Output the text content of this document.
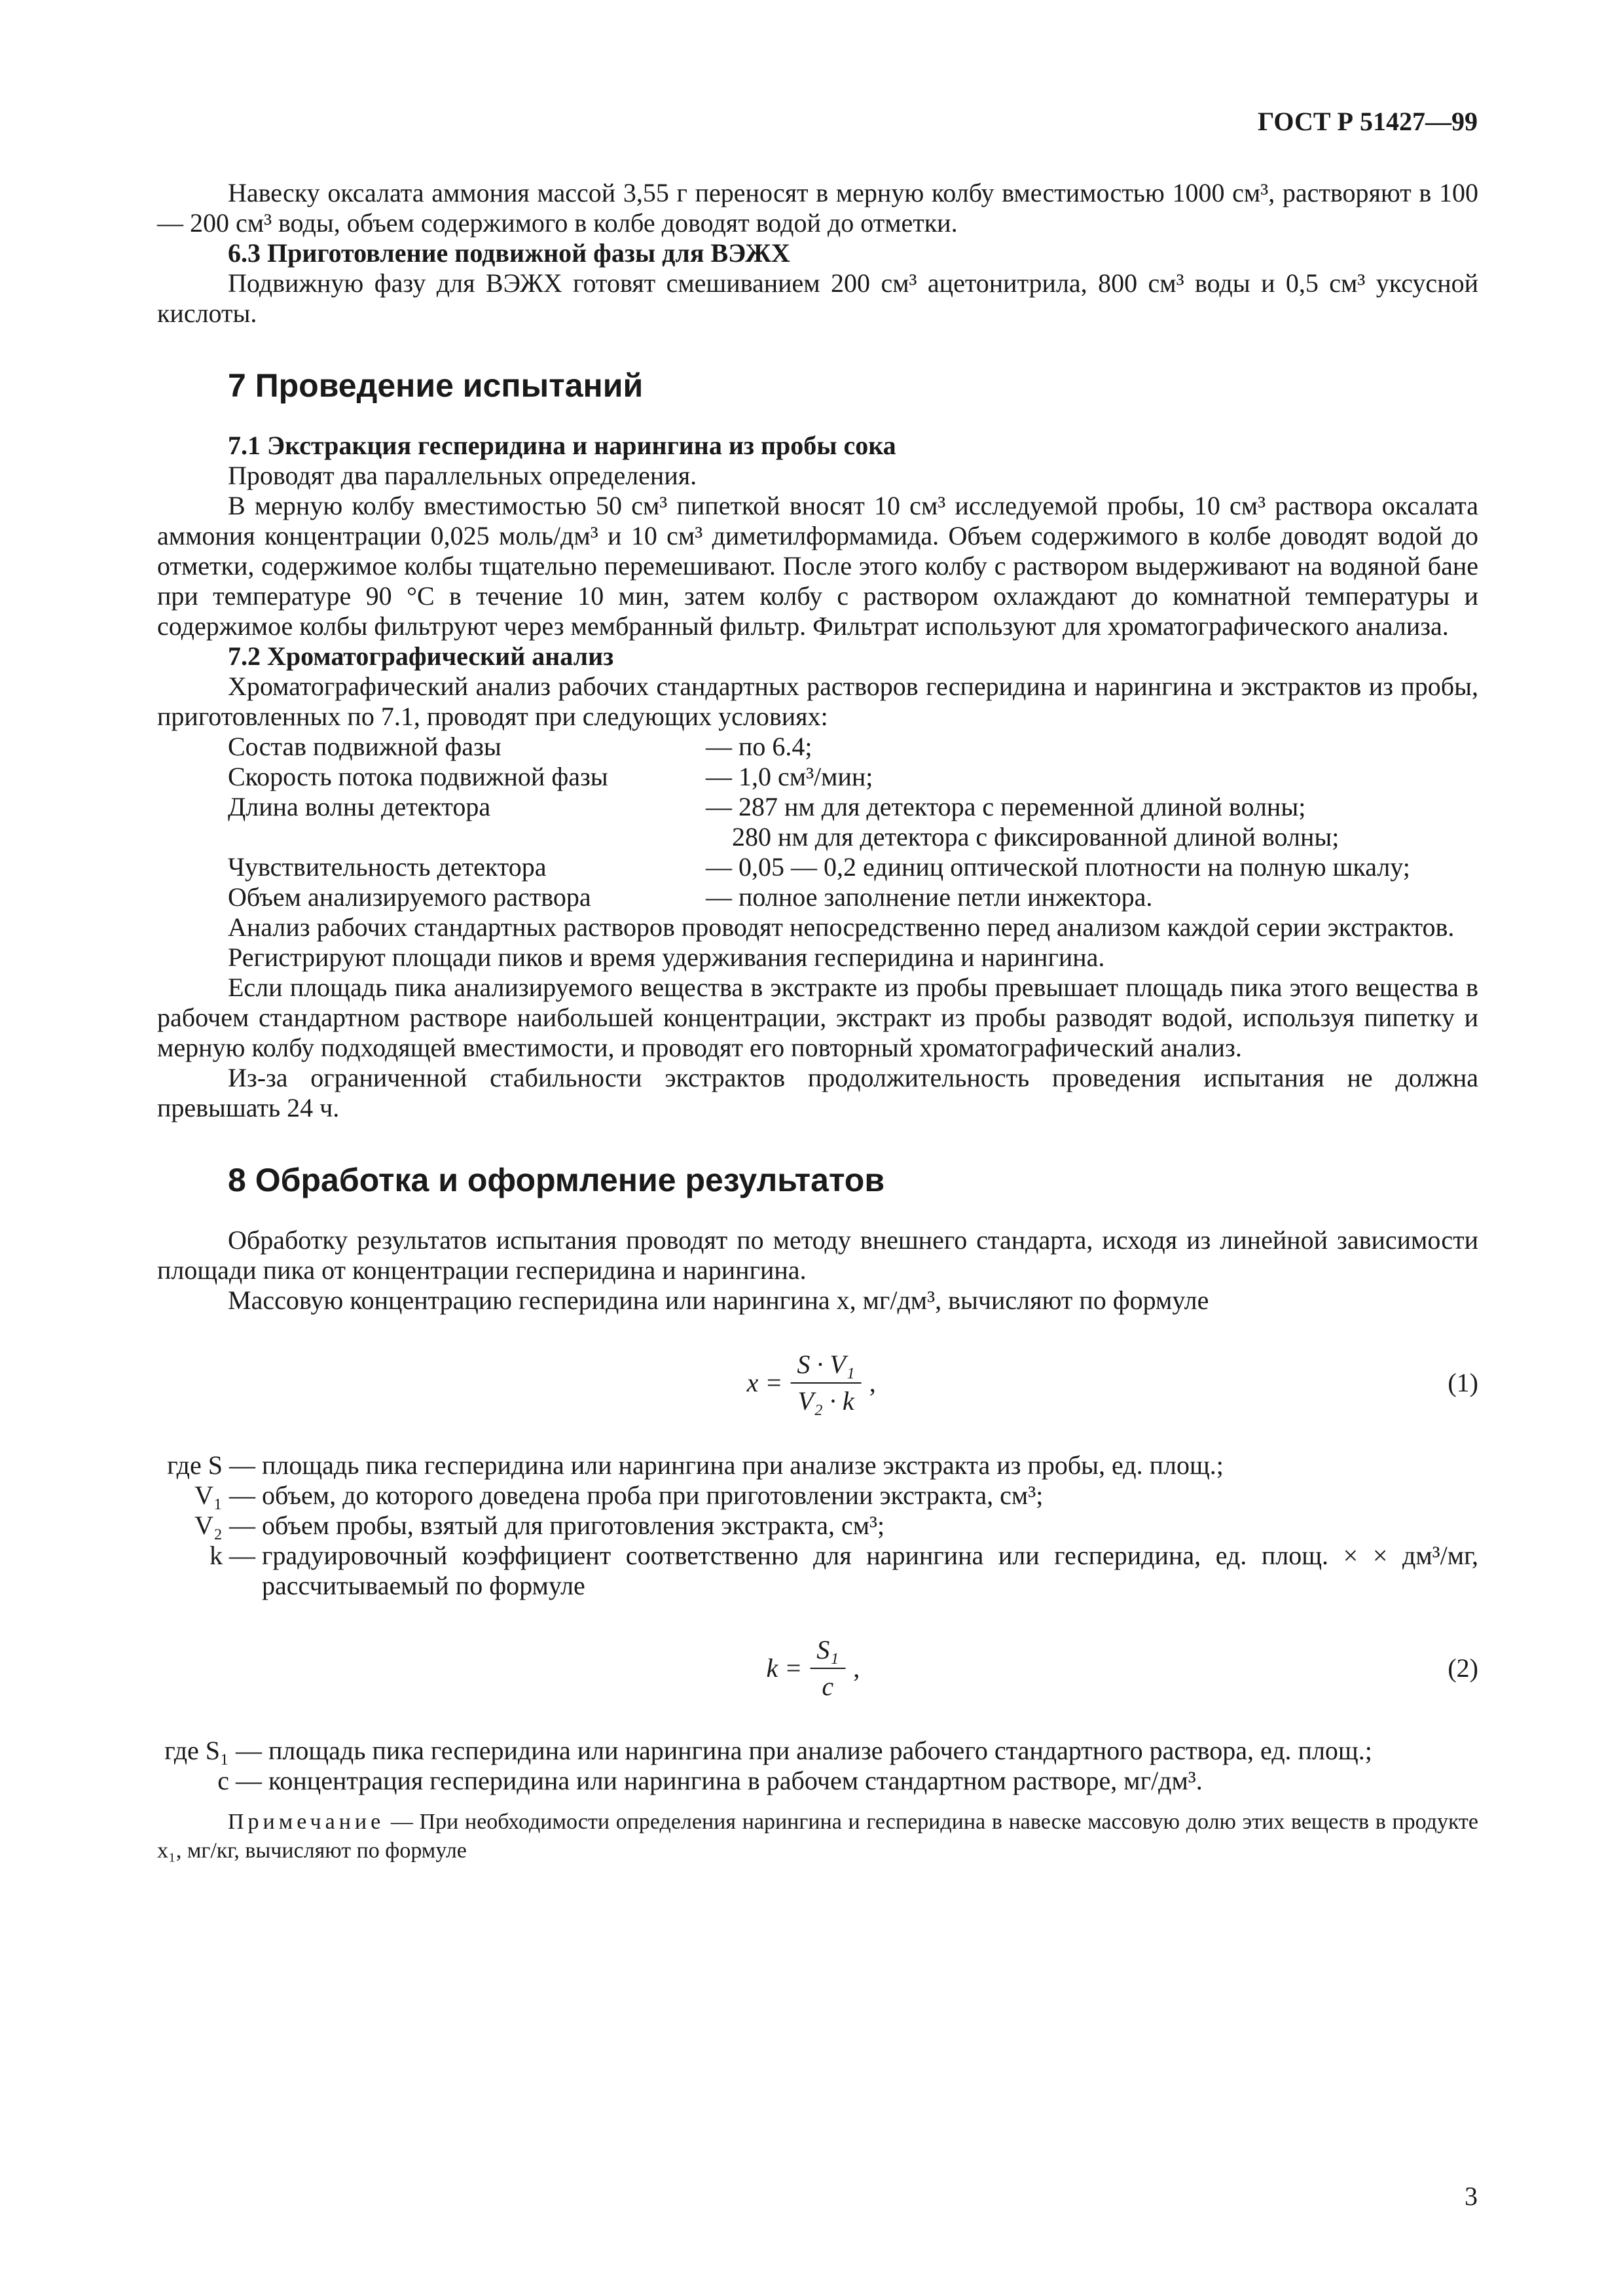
ГОСТ Р 51427—99

Навеску оксалата аммония массой 3,55 г переносят в мерную колбу вместимостью 1000 см³, растворяют в 100 — 200 см³ воды, объем содержимого в колбе доводят водой до отметки.

6.3 Приготовление подвижной фазы для ВЭЖХ

Подвижную фазу для ВЭЖХ готовят смешиванием 200 см³ ацетонитрила, 800 см³ воды и 0,5 см³ уксусной кислоты.

7 Проведение испытаний

7.1 Экстракция гесперидина и нарингина из пробы сока

Проводят два параллельных определения.

В мерную колбу вместимостью 50 см³ пипеткой вносят 10 см³ исследуемой пробы, 10 см³ раствора оксалата аммония концентрации 0,025 моль/дм³ и 10 см³ диметилформамида. Объем содержимого в колбе доводят водой до отметки, содержимое колбы тщательно перемешивают. После этого колбу с раствором выдерживают на водяной бане при температуре 90 °С в течение 10 мин, затем колбу с раствором охлаждают до комнатной температуры и содержимое колбы фильтруют через мембранный фильтр. Фильтрат используют для хроматографического анализа.

7.2 Хроматографический анализ

Хроматографический анализ рабочих стандартных растворов гесперидина и нарингина и экстрактов из пробы, приготовленных по 7.1, проводят при следующих условиях:

Состав подвижной фазы	— по 6.4;
Скорость потока подвижной фазы	— 1,0 см³/мин;
Длина волны детектора	— 287 нм для детектора с переменной длиной волны;
280 нм для детектора с фиксированной длиной волны;
Чувствительность детектора	— 0,05 — 0,2 единиц оптической плотности на полную шкалу;
Объем анализируемого раствора	— полное заполнение петли инжектора.

Анализ рабочих стандартных растворов проводят непосредственно перед анализом каждой серии экстрактов.

Регистрируют площади пиков и время удерживания гесперидина и нарингина.

Если площадь пика анализируемого вещества в экстракте из пробы превышает площадь пика этого вещества в рабочем стандартном растворе наибольшей концентрации, экстракт из пробы разводят водой, используя пипетку и мерную колбу подходящей вместимости, и проводят его повторный хроматографический анализ.

Из-за ограниченной стабильности экстрактов продолжительность проведения испытания не должна превышать 24 ч.

8 Обработка и оформление результатов

Обработку результатов испытания проводят по методу внешнего стандарта, исходя из линейной зависимости площади пика от концентрации гесперидина и нарингина.

Массовую концентрацию гесперидина или нарингина x, мг/дм³, вычисляют по формуле

$x = \frac{\text{S · V₁}}{\text{V₂ · k}}$ ,	(1)
где S — площадь пика гесперидина или нарингина при анализе экстракта из пробы, ед. площ.;
V₁ — объем, до которого доведена проба при приготовлении экстракта, см³;
V₂ — объем пробы, взятый для приготовления экстракта, см³;
k — градуировочный коэффициент соответственно для нарингина или гесперидина, ед. площ. × × дм³/мг, рассчитываемый по формуле
$k = \frac{\text{S₁}}{c}$ ,	(2)
где S₁ — площадь пика гесперидина или нарингина при анализе рабочего стандартного раствора, ед. площ.;
c — концентрация гесперидина или нарингина в рабочем стандартном растворе, мг/дм³.

Примечание — При необходимости определения нарингина и гесперидина в навеске массовую долю этих веществ в продукте x₁, мг/кг, вычисляют по формуле

3
